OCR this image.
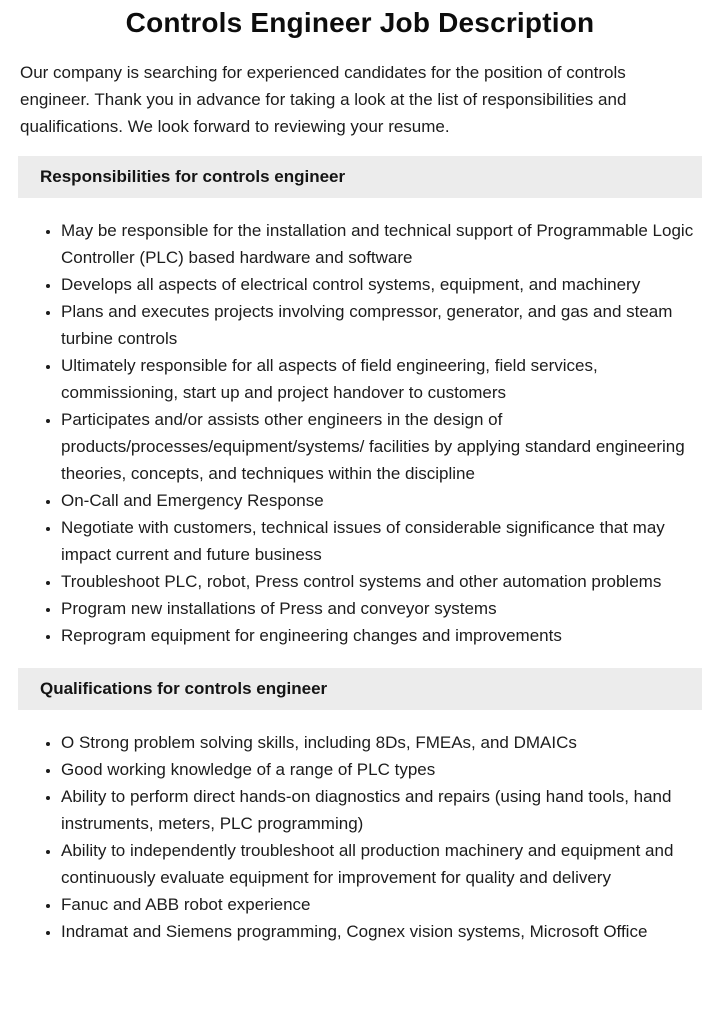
Controls Engineer Job Description

Our company is searching for experienced candidates for the position of controls engineer. Thank you in advance for taking a look at the list of responsibilities and qualifications. We look forward to reviewing your resume.

Responsibilities for controls engineer
• May be responsible for the installation and technical support of Programmable Logic Controller (PLC) based hardware and software
• Develops all aspects of electrical control systems, equipment, and machinery
• Plans and executes projects involving compressor, generator, and gas and steam turbine controls
• Ultimately responsible for all aspects of field engineering, field services, commissioning, start up and project handover to customers
• Participates and/or assists other engineers in the design of products/processes/equipment/systems/ facilities by applying standard engineering theories, concepts, and techniques within the discipline
• On-Call and Emergency Response
• Negotiate with customers, technical issues of considerable significance that may impact current and future business
• Troubleshoot PLC, robot, Press control systems and other automation problems
• Program new installations of Press and conveyor systems
• Reprogram equipment for engineering changes and improvements
Qualifications for controls engineer
• O Strong problem solving skills, including 8Ds, FMEAs, and DMAICs
• Good working knowledge of a range of PLC types
• Ability to perform direct hands-on diagnostics and repairs (using hand tools, hand instruments, meters, PLC programming)
• Ability to independently troubleshoot all production machinery and equipment and continuously evaluate equipment for improvement for quality and delivery
• Fanuc and ABB robot experience
• Indramat and Siemens programming, Cognex vision systems, Microsoft Office
